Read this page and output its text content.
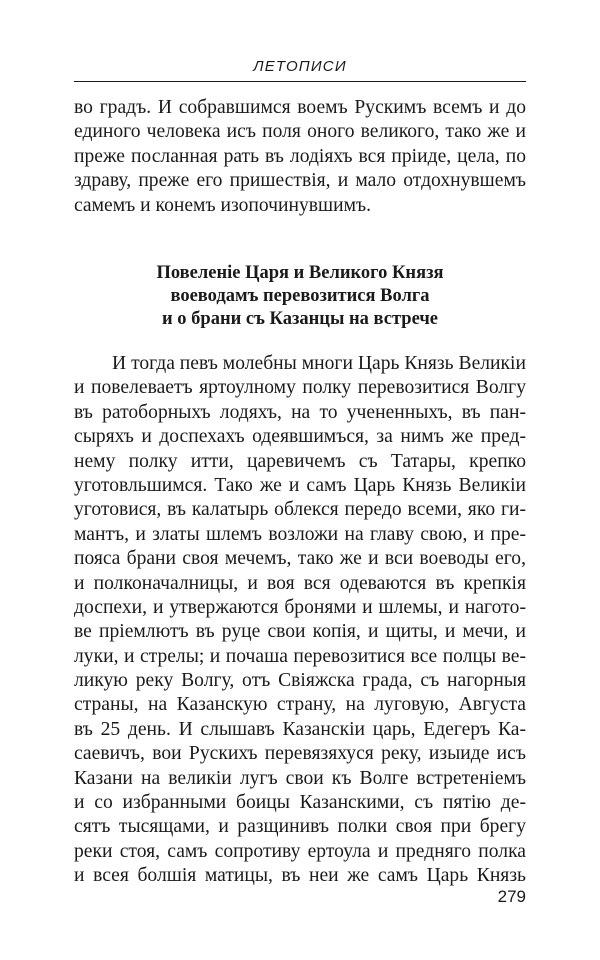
ЛЕТОПИСИ
во градъ. И собравшимся воемъ Рускимъ всемъ и до
единого человека исъ поля оного великого, тако же и
преже посланная рать въ лодіяхъ вся пріиде, цела, по
здраву, преже его пришествія, и мало отдохнувшемъ
самемъ и конемъ изопочинувшимъ.
Повеленіе Царя и Великого Князя
воеводамъ перевозитися Волга
и о брани съ Казанцы на встрече
И тогда певъ молебны многи Царь Князь Великіи
и повелеваетъ яртоулному полку перевозитися Волгу
въ ратоборныхъ лодяхъ, на то учененныхъ, въ пан-
сыряхъ и доспехахъ одеявшимъся, за нимъ же пред-
нему полку итти, царевичемъ съ Татары, крепко
уготовльшимся. Тако же и самъ Царь Князь Великіи
уготовися, въ калатырь облекся передо всеми, яко ги-
мантъ, и златы шлемъ возложи на главу свою, и пре-
поясa брани своя мечемъ, тако же и вси воеводы его,
и полконачалницы, и воя вся одеваются въ крепкія
доспехи, и утвержаются бронями и шлемы, и наготo-
ве пріемлютъ въ руце свои копія, и щиты, и мечи, и
луки, и стрелы; и почаша перевозитися все полцы ве-
ликую реку Волгу, отъ Свіяжска града, съ нагорныя
страны, на Казанскую страну, на луговую, Августа
въ 25 день. И слышавъ Казанскіи царь, Едегеръ Ка-
саевичъ, вои Рускихъ перевязяхуся реку, изыиде исъ
Казани на великіи лугъ свои къ Волге встретеніемъ
и со избранными боицы Казанскими, съ пятію де-
сятъ тысящами, и разщинивъ полки своя при брегу
реки стоя, самъ сопротиву ертоула и предняго полка
и всея болшія матицы, въ неи же самъ Царь Князь
279
